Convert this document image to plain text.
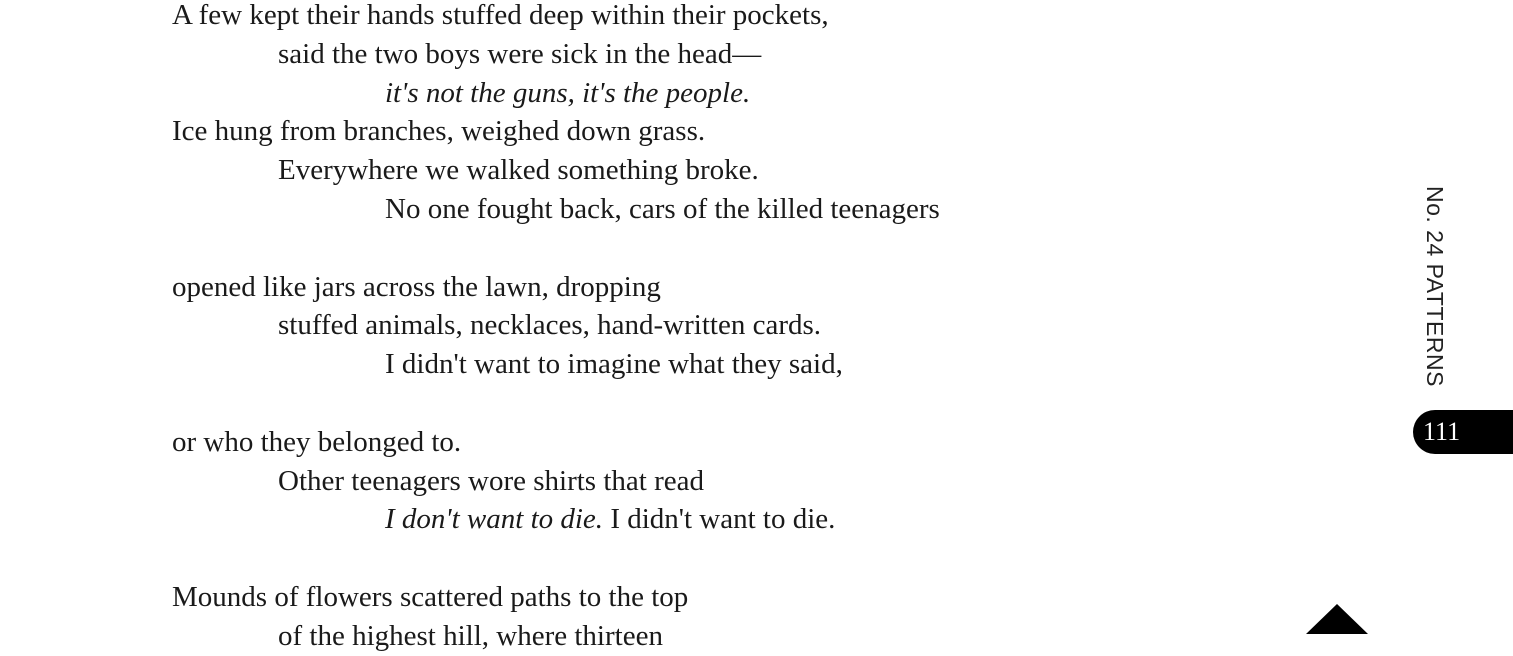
A few kept their hands stuffed deep within their pockets,
said the two boys were sick in the head—
it's not the guns, it's the people.
Ice hung from branches, weighed down grass.
Everywhere we walked something broke.
No one fought back, cars of the killed teenagers
opened like jars across the lawn, dropping
stuffed animals, necklaces, hand-written cards.
I didn't want to imagine what they said,
or who they belonged to.
Other teenagers wore shirts that read
I don't want to die. I didn't want to die.
Mounds of flowers scattered paths to the top
of the highest hill, where thirteen
No. 24 PATTERNS
111
